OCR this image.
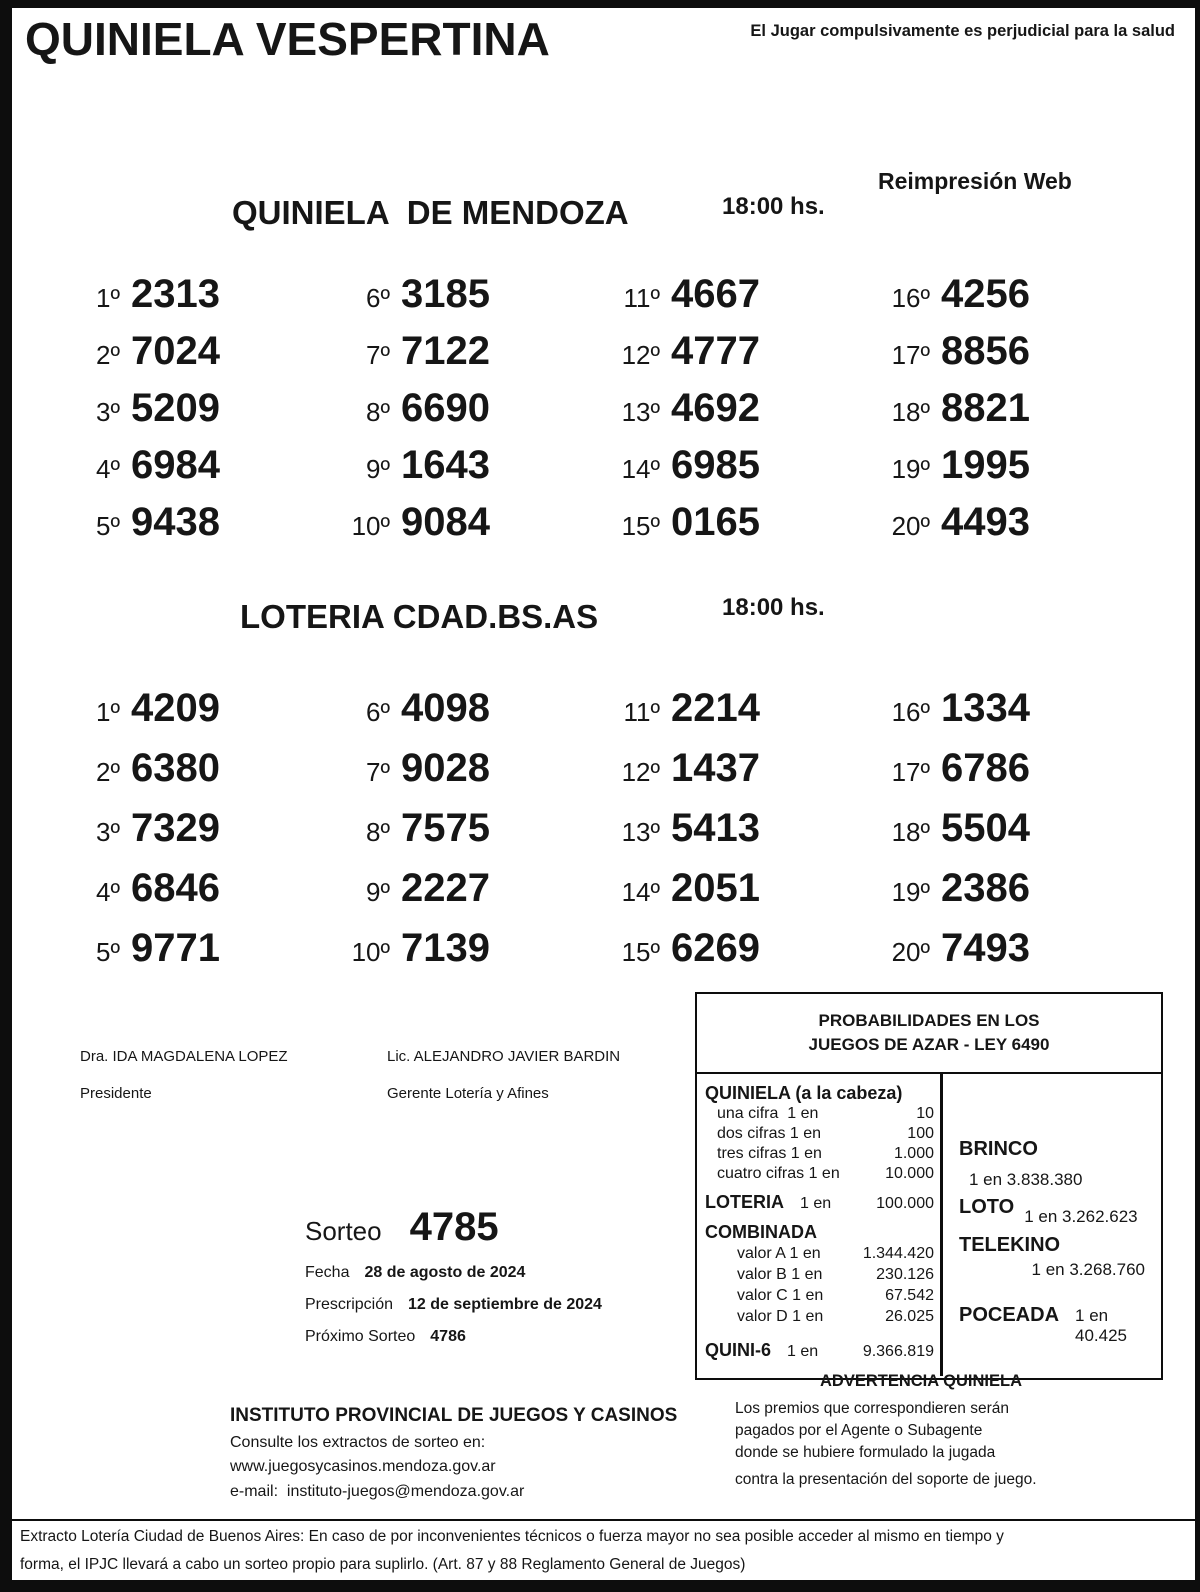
QUINIELA VESPERTINA	El Jugar compulsivamente es perjudicial para la salud
Reimpresión Web
QUINIELA  DE MENDOZA	18:00 hs.
1º 2313
2º 7024
3º 5209
4º 6984
5º 9438
6º 3185
7º 7122
8º 6690
9º 1643
10º 9084
11º 4667
12º 4777
13º 4692
14º 6985
15º 0165
16º 4256
17º 8856
18º 8821
19º 1995
20º 4493
LOTERIA CDAD.BS.AS	18:00 hs.
1º 4209
2º 6380
3º 7329
4º 6846
5º 9771
6º 4098
7º 9028
8º 7575
9º 2227
10º 7139
11º 2214
12º 1437
13º 5413
14º 2051
15º 6269
16º 1334
17º 6786
18º 5504
19º 2386
20º 7493
Dra. IDA MAGDALENA LOPEZ
Presidente
Lic. ALEJANDRO JAVIER BARDIN
Gerente Lotería y Afines
PROBABILIDADES EN LOS
JUEGOS DE AZAR - LEY 6490
QUINIELA (a la cabeza)
una cifra  1 en	10
dos cifras 1 en	100
tres cifras 1 en	1.000
cuatro cifras 1 en	10.000
LOTERIA 1 en	100.000
COMBINADA
valor A 1 en	1.344.420
valor B 1 en	230.126
valor C 1 en	67.542
valor D 1 en	26.025
QUINI-6 1 en	9.366.819
BRINCO1 en 3.838.380
LOTO 1 en 3.262.623
TELEKINO
1 en 3.268.760
POCEADA 1 en 40.425
Sorteo 4785
Fecha 28 de agosto de 2024
Prescripción 12 de septiembre de 2024
Próximo Sorteo 4786
INSTITUTO PROVINCIAL DE JUEGOS Y CASINOS
Consulte los extractos de sorteo en:
www.juegosycasinos.mendoza.gov.ar
e-mail:  instituto-juegos@mendoza.gov.ar
ADVERTENCIA QUINIELA
Los premios que correspondieren serán
pagados por el Agente o Subagente
donde se hubiere formulado la jugada
contra la presentación del soporte de juego.
Extracto Lotería Ciudad de Buenos Aires: En caso de por inconvenientes técnicos o fuerza mayor no sea posible acceder al mismo en tiempo y
forma, el IPJC llevará a cabo un sorteo propio para suplirlo. (Art. 87 y 88 Reglamento General de Juegos)
